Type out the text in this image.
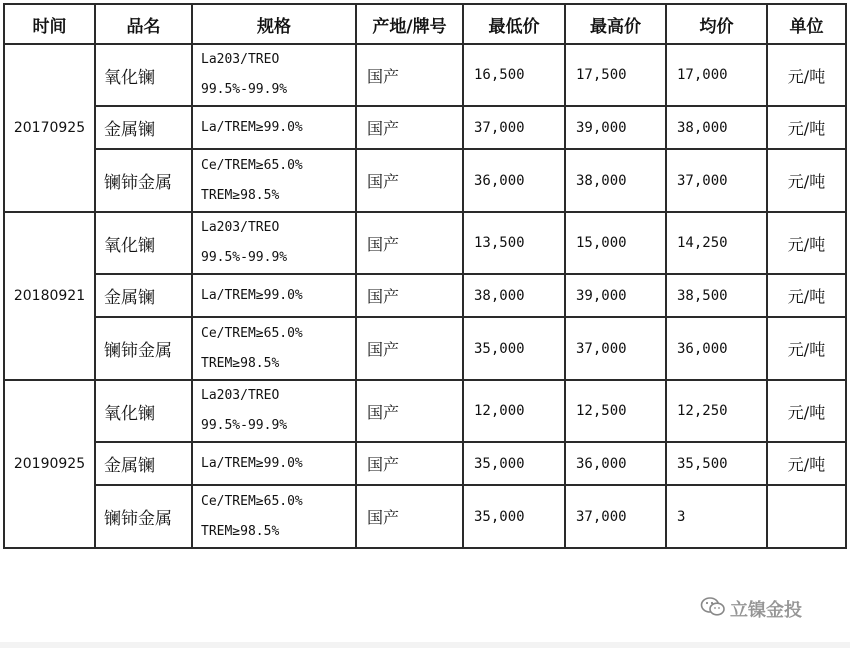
时间	品名	规格	产地/牌号	最低价	最高价	均价	单位
20170925	氧化镧	La203/TREO
99.5%-99.9%	国产	16,500	17,500	17,000	元/吨
	金属镧	La/TREM≥99.0%	国产	37,000	39,000	38,000	元/吨
	镧铈金属	Ce/TREM≥65.0%
TREM≥98.5%	国产	36,000	38,000	37,000	元/吨
20180921	氧化镧	La203/TREO
99.5%-99.9%	国产	13,500	15,000	14,250	元/吨
	金属镧	La/TREM≥99.0%	国产	38,000	39,000	38,500	元/吨
	镧铈金属	Ce/TREM≥65.0%
TREM≥98.5%	国产	35,000	37,000	36,000	元/吨
20190925	氧化镧	La203/TREO
99.5%-99.9%	国产	12,000	12,500	12,250	元/吨
	金属镧	La/TREM≥99.0%	国产	35,000	36,000	35,500	元/吨
	镧铈金属	Ce/TREM≥65.0%
TREM≥98.5%	国产	35,000	37,000	3	
立镍金投
